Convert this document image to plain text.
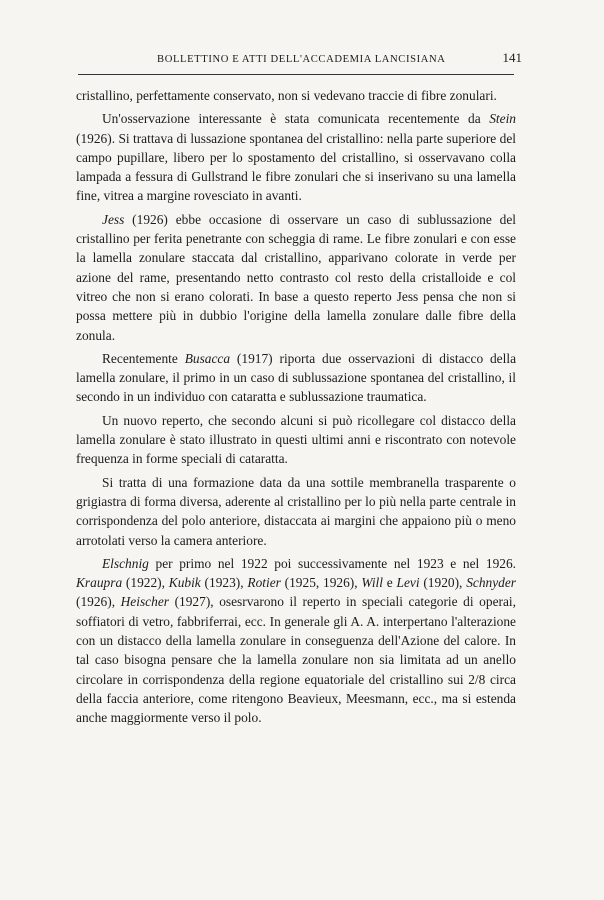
BOLLETTINO E ATTI DELL'ACCADEMIA LANCISIANA	141

cristallino, perfettamente conservato, non si vedevano traccie di fibre zonulari.

Un'osservazione interessante è stata comunicata recentemente da Stein (1926). Si trattava di lussazione spontanea del cristallino: nella parte superiore del campo pupillare, libero per lo spostamento del cristallino, si osservavano colla lampada a fessura di Gullstrand le fibre zonulari che si inserivano su una lamella fine, vitrea a margine rovesciato in avanti.

Jess (1926) ebbe occasione di osservare un caso di sublussazione del cristallino per ferita penetrante con scheggia di rame. Le fibre zonulari e con esse la lamella zonulare staccata dal cristallino, apparivano colorate in verde per azione del rame, presentando netto contrasto col resto della cristalloide e col vitreo che non si erano colorati. In base a questo reperto Jess pensa che non si possa mettere più in dubbio l'origine della lamella zonulare dalle fibre della zonula.

Recentemente Busacca (1917) riporta due osservazioni di distacco della lamella zonulare, il primo in un caso di sublussazione spontanea del cristallino, il secondo in un individuo con cataratta e sublussazione traumatica.

Un nuovo reperto, che secondo alcuni si può ricollegare col distacco della lamella zonulare è stato illustrato in questi ultimi anni e riscontrato con notevole frequenza in forme speciali di cataratta.

Si tratta di una formazione data da una sottile membranella trasparente o grigiastra di forma diversa, aderente al cristallino per lo più nella parte centrale in corrispondenza del polo anteriore, distaccata ai margini che appaiono più o meno arrotolati verso la camera anteriore.

Elschnig per primo nel 1922 poi successivamente nel 1923 e nel 1926. Kraupra (1922), Kubik (1923), Rotier (1925, 1926), Will e Levi (1920), Schnyder (1926), Heischer (1927), osesrvarono il reperto in speciali categorie di operai, soffiatori di vetro, fabbriferrai, ecc. In generale gli A. A. interpertano l'alterazione con un distacco della lamella zonulare in conseguenza dell'Azione del calore. In tal caso bisogna pensare che la lamella zonulare non sia limitata ad un anello circolare in corrispondenza della regione equatoriale del cristallino sui 2/8 circa della faccia anteriore, come ritengono Beavieux, Meesmann, ecc., ma si estenda anche maggiormente verso il polo.
